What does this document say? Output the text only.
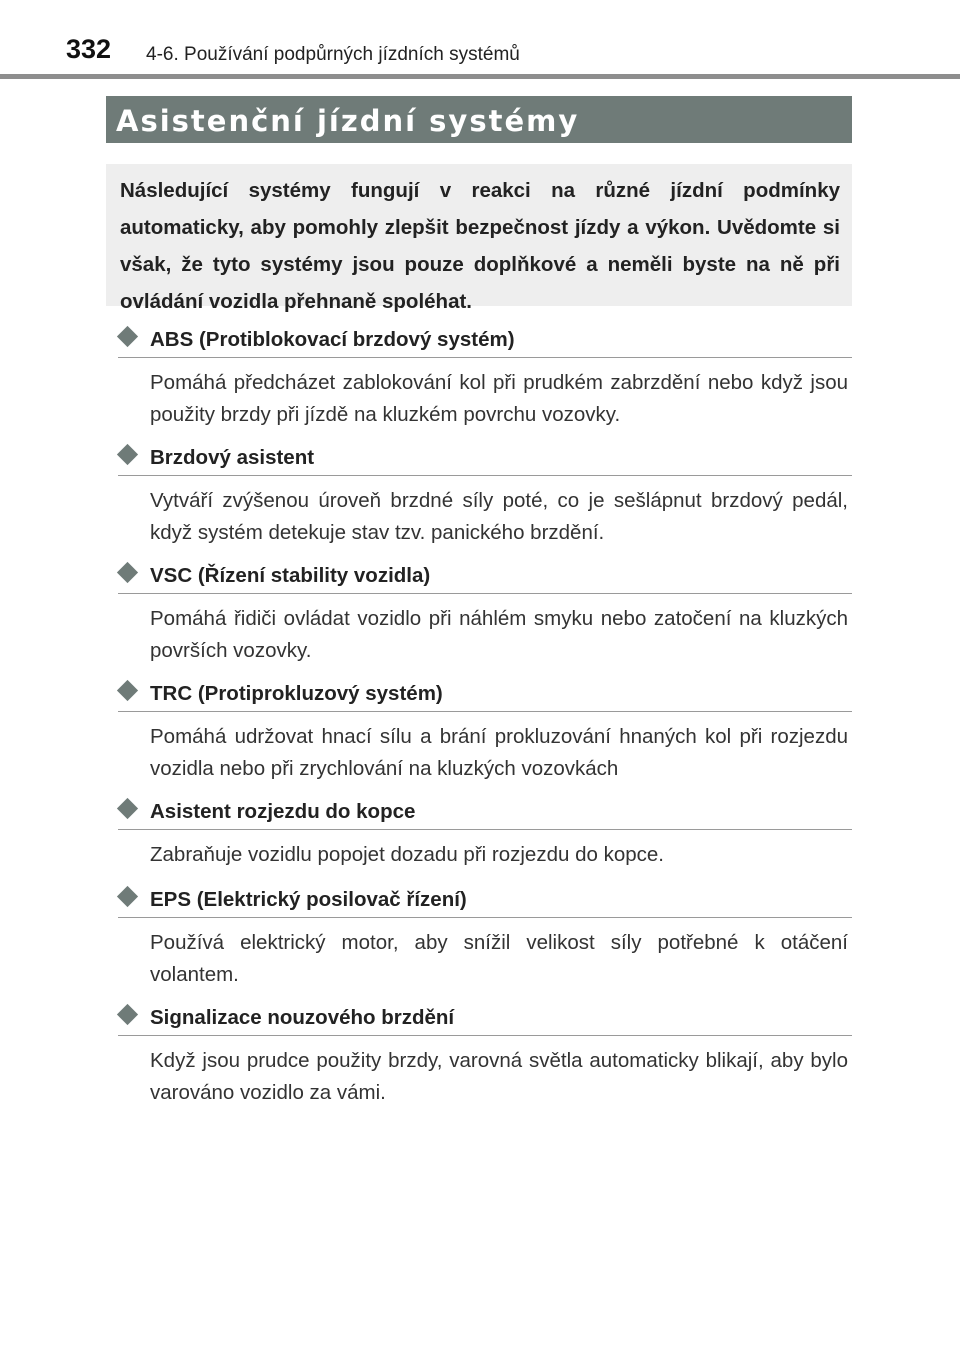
332 4-6. Používání podpůrných jízdních systémů
Asistenční jízdní systémy
Následující systémy fungují v reakci na různé jízdní podmínky automaticky, aby pomohly zlepšit bezpečnost jízdy a výkon. Uvědomte si však, že tyto systémy jsou pouze doplňkové a neměli byste na ně při ovládání vozidla přehnaně spoléhat.
ABS (Protiblokovací brzdový systém)
Pomáhá předcházet zablokování kol při prudkém zabrzdění nebo když jsou použity brzdy při jízdě na kluzkém povrchu vozovky.
Brzdový asistent
Vytváří zvýšenou úroveň brzdné síly poté, co je sešlápnut brzdový pedál, když systém detekuje stav tzv. panického brzdění.
VSC (Řízení stability vozidla)
Pomáhá řidiči ovládat vozidlo při náhlém smyku nebo zatočení na kluzkých površích vozovky.
TRC (Protiprokluzový systém)
Pomáhá udržovat hnací sílu a brání prokluzování hnaných kol při rozjezdu vozidla nebo při zrychlování na kluzkých vozovkách
Asistent rozjezdu do kopce
Zabraňuje vozidlu popojet dozadu při rozjezdu do kopce.
EPS (Elektrický posilovač řízení)
Používá elektrický motor, aby snížil velikost síly potřebné k otáčení volantem.
Signalizace nouzového brzdění
Když jsou prudce použity brzdy, varovná světla automaticky blikají, aby bylo varováno vozidlo za vámi.
